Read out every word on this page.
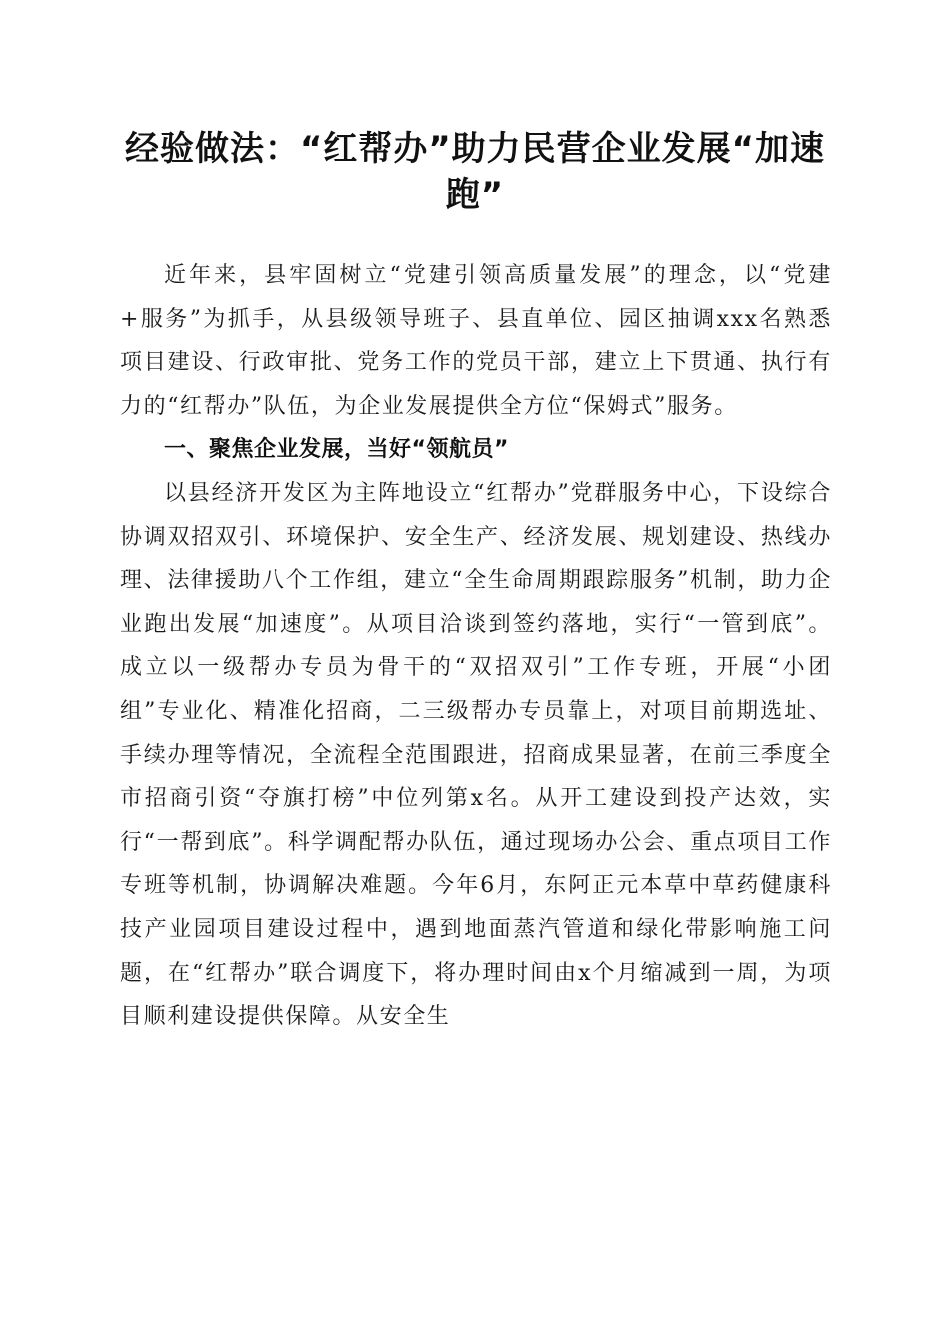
经验做法：“红帮办”助力民营企业发展“加速跑”

近年来，县牢固树立“党建引领高质量发展”的理念，以“党建+服务”为抓手，从县级领导班子、县直单位、园区抽调xxx名熟悉项目建设、行政审批、党务工作的党员干部，建立上下贯通、执行有力的“红帮办”队伍，为企业发展提供全方位“保姆式”服务。

一、聚焦企业发展，当好“领航员”

以县经济开发区为主阵地设立“红帮办”党群服务中心，下设综合协调双招双引、环境保护、安全生产、经济发展、规划建设、热线办理、法律援助八个工作组，建立“全生命周期跟踪服务”机制，助力企业跑出发展“加速度”。从项目洽谈到签约落地，实行“一管到底”。成立以一级帮办专员为骨干的“双招双引”工作专班，开展“小团组”专业化、精准化招商，二三级帮办专员靠上，对项目前期选址、手续办理等情况，全流程全范围跟进，招商成果显著，在前三季度全市招商引资“夺旗打榜”中位列第x名。从开工建设到投产达效，实行“一帮到底”。科学调配帮办队伍，通过现场办公会、重点项目工作专班等机制，协调解决难题。今年6月，东阿正元本草中草药健康科技产业园项目建设过程中，遇到地面蒸汽管道和绿化带影响施工问题，在“红帮办”联合调度下，将办理时间由x个月缩减到一周，为项目顺利建设提供保障。从安全生
